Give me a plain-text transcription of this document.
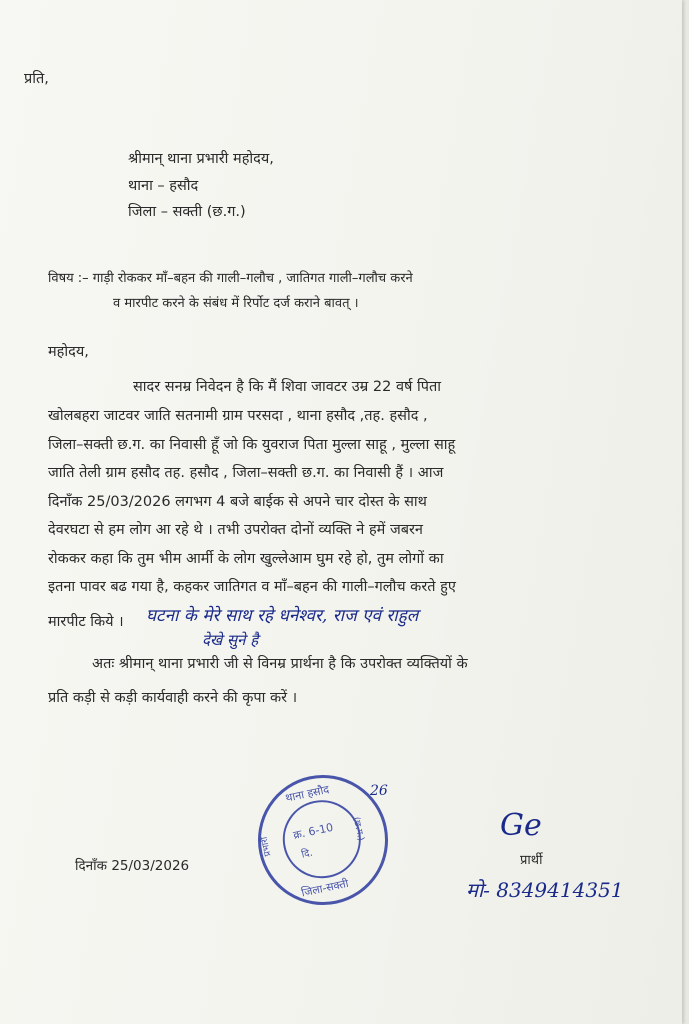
प्रति,
श्रीमान् थाना प्रभारी महोदय,
थाना – हसौद
जिला – सक्ती (छ.ग.)
विषय :– गाड़ी रोककर माँ–बहन की गाली–गलौच , जातिगत गाली–गलौच करने
व मारपीट करने के संबंध में रिर्पोट दर्ज कराने बावत् ।
महोदय,
सादर सनम्र निवेदन है कि मैं शिवा जावटर उम्र 22 वर्ष पिता
खोलबहरा जाटवर जाति सतनामी ग्राम परसदा , थाना हसौद ,तह. हसौद ,
जिला–सक्ती छ.ग. का निवासी हूँ जो कि युवराज पिता मुल्ला साहू , मुल्ला साहू
जाति तेली ग्राम हसौद तह. हसौद , जिला–सक्ती छ.ग. का निवासी हैं । आज
दिनाँक 25/03/2026 लगभग 4 बजे बाईक से अपने चार दोस्त के साथ
देवरघटा से हम लोग आ रहे थे । तभी उपरोक्त दोनों व्यक्ति ने हमें जबरन
रोककर कहा कि तुम भीम आर्मी के लोग खुल्लेआम घुम रहे हो, तुम लोगों का
इतना पावर बढ गया है, कहकर जातिगत व माँ–बहन की गाली–गलौच करते हुए
मारपीट किये । घटना के मेरे साथ रहे धनेश्वर, राज एवं राहुल
देखे सुने है
अतः श्रीमान् थाना प्रभारी जी से विनम्र प्रार्थना है कि उपरोक्त व्यक्तियों के
प्रति कड़ी से कड़ी कार्यवाही करने की कृपा करें ।
दिनाँक 25/03/2026
थाना हसौद
क्र. 6-10
दि.
जिला-सक्ती
(छ.ग.)
प्रभारी
26
Ge
प्रार्थी
मो- 8349414351
